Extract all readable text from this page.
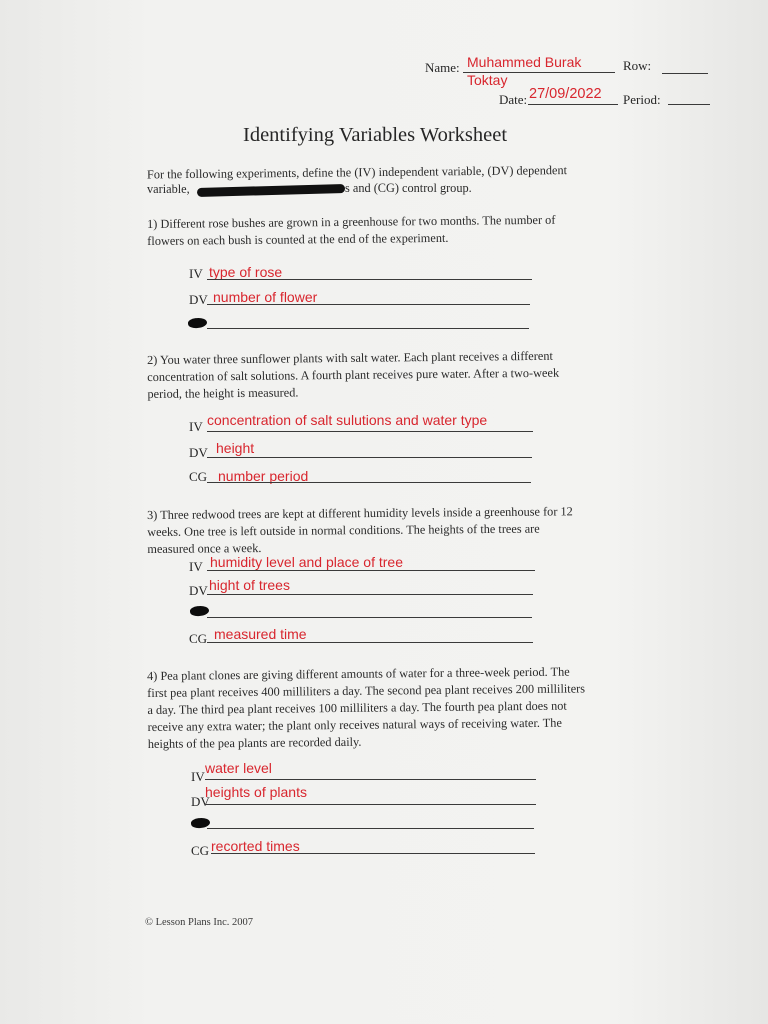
Name: Muhammed Burak
Toktay
Row:
Date: 27/09/2022 Period:
Identifying Variables Worksheet
For the following experiments, define the (IV) independent variable, (DV) dependent
variable,	s and (CG) control group.
1) Different rose bushes are grown in a greenhouse for two months. The number of
flowers on each bush is counted at the end of the experiment.
IV type of rose
DV number of flower
2) You water three sunflower plants with salt water. Each plant receives a different
concentration of salt solutions. A fourth plant receives pure water. After a two-week
period, the height is measured.
IV concentration of salt sulutions and water type
DV height
CG number period
3) Three redwood trees are kept at different humidity levels inside a greenhouse for 12
weeks. One tree is left outside in normal conditions. The heights of the trees are
measured once a week.
IV humidity level and place of tree
DV hight of trees
CG measured time
4) Pea plant clones are giving different amounts of water for a three-week period. The
first pea plant receives 400 milliliters a day. The second pea plant receives 200 milliliters
a day. The third pea plant receives 100 milliliters a day. The fourth pea plant does not
receive any extra water; the plant only receives natural ways of receiving water. The
heights of the pea plants are recorded daily.
IV
water level
DV
heights of plants
CG recorted times
© Lesson Plans Inc. 2007
